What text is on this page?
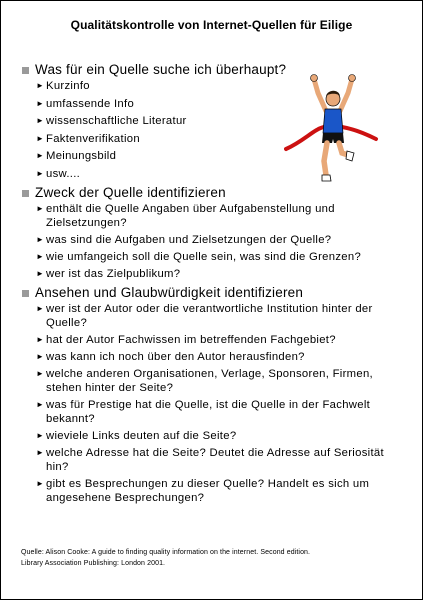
Qualitätskontrolle von Internet-Quellen für Eilige
Was für ein Quelle suche ich überhaupt?
► Kurzinfo
► umfassende Info
► wissenschaftliche Literatur
► Faktenverifikation
► Meinungsbild
► usw....
Zweck der Quelle identifizieren
► enthält die Quelle Angaben über Aufgabenstellung und Zielsetzungen?
► was sind die Aufgaben und Zielsetzungen der Quelle?
► wie umfangeich soll die Quelle sein, was sind die Grenzen?
► wer ist das Zielpublikum?
Ansehen und Glaubwürdigkeit identifizieren
► wer ist der Autor oder die verantwortliche Institution hinter der Quelle?
► hat der Autor Fachwissen im betreffenden Fachgebiet?
► was kann ich noch über den Autor herausfinden?
► welche anderen Organisationen, Verlage, Sponsoren, Firmen, stehen hinter der Seite?
► was für Prestige hat die Quelle, ist die Quelle in der Fachwelt bekannt?
► wieviele Links deuten auf die Seite?
► welche Adresse hat die Seite? Deutet die Adresse auf Seriosität hin?
► gibt es Besprechungen zu dieser Quelle? Handelt es sich um angesehene Besprechungen?
Quelle: Alison Cooke: A guide to finding quality information on the internet. Second edition.
Library Association Publishing: London 2001.
